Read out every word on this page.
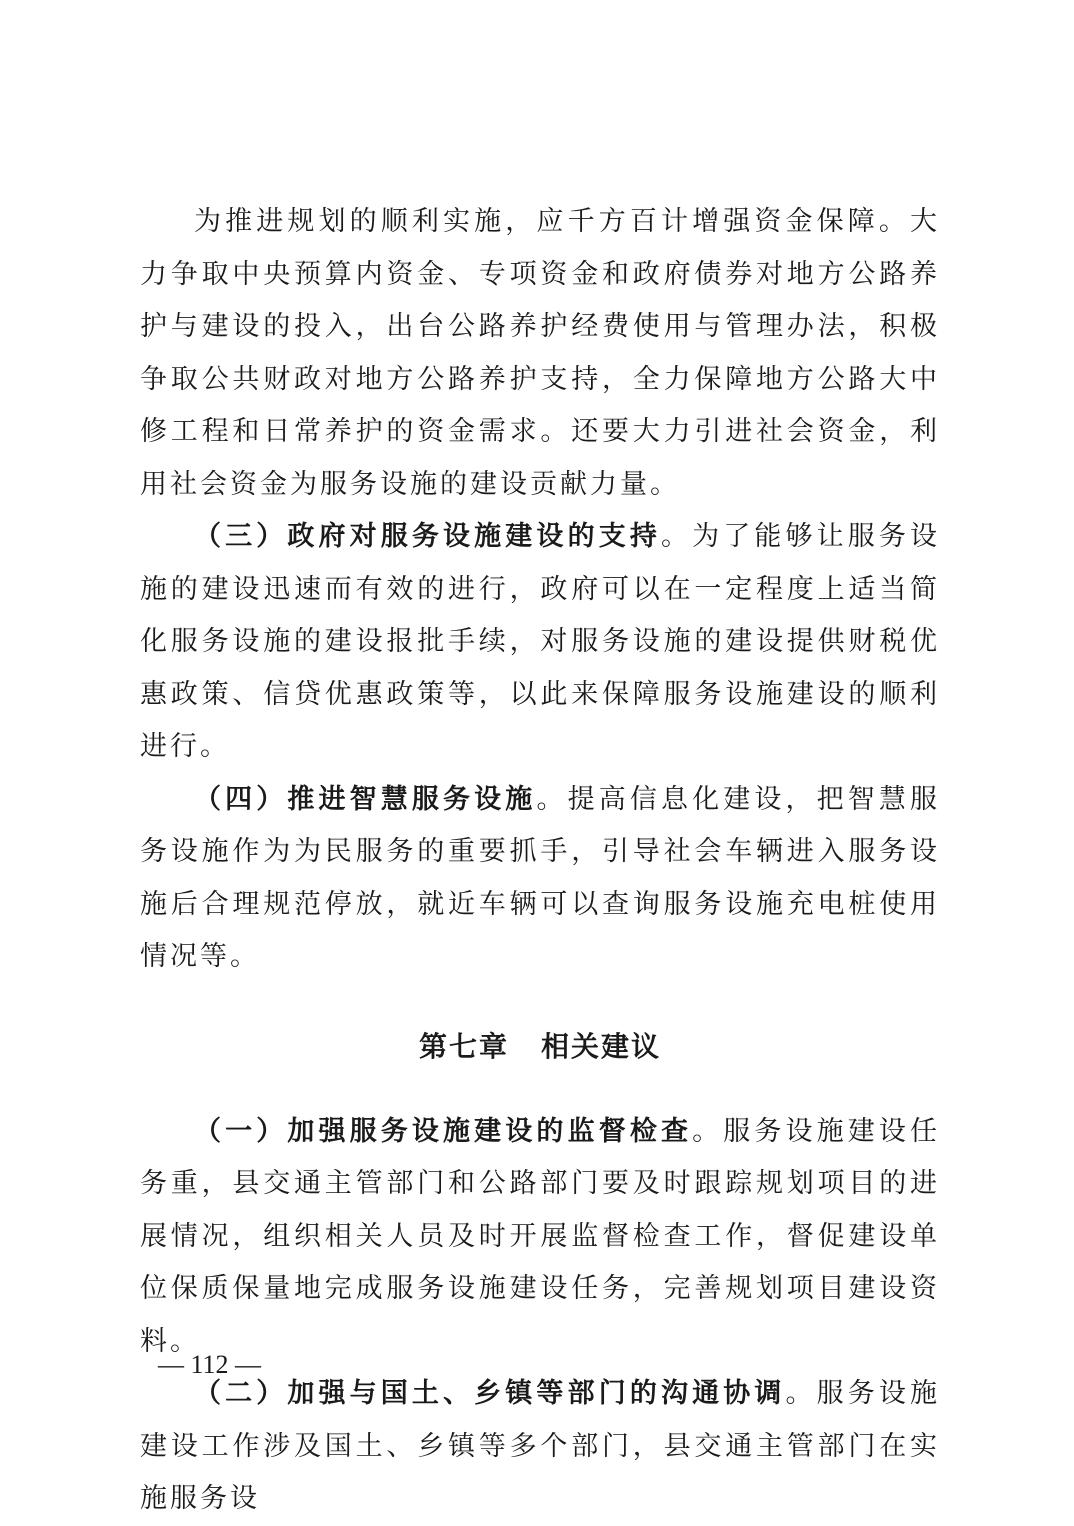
为推进规划的顺利实施，应千方百计增强资金保障。大力争取中央预算内资金、专项资金和政府债券对地方公路养护与建设的投入，出台公路养护经费使用与管理办法，积极争取公共财政对地方公路养护支持，全力保障地方公路大中修工程和日常养护的资金需求。还要大力引进社会资金，利用社会资金为服务设施的建设贡献力量。

（三）政府对服务设施建设的支持。为了能够让服务设施的建设迅速而有效的进行，政府可以在一定程度上适当简化服务设施的建设报批手续，对服务设施的建设提供财税优惠政策、信贷优惠政策等，以此来保障服务设施建设的顺利进行。

（四）推进智慧服务设施。提高信息化建设，把智慧服务设施作为为民服务的重要抓手，引导社会车辆进入服务设施后合理规范停放，就近车辆可以查询服务设施充电桩使用情况等。

第七章 相关建议

（一）加强服务设施建设的监督检查。服务设施建设任务重，县交通主管部门和公路部门要及时跟踪规划项目的进展情况，组织相关人员及时开展监督检查工作，督促建设单位保质保量地完成服务设施建设任务，完善规划项目建设资料。

（二）加强与国土、乡镇等部门的沟通协调。服务设施建设工作涉及国土、乡镇等多个部门，县交通主管部门在实施服务设

— 112 —
